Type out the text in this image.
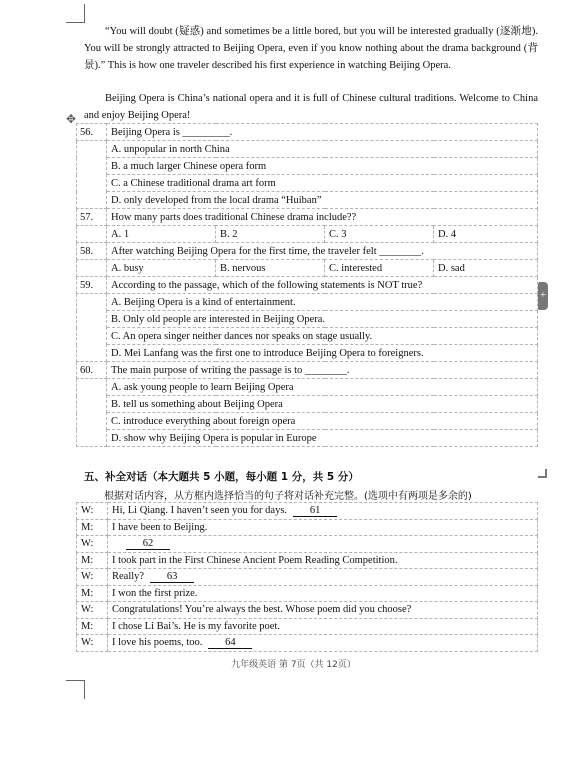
“You will doubt (疑惑) and sometimes be a little bored, but you will be interested gradually (逐渐地). You will be strongly attracted to Beijing Opera, even if you know nothing about the drama background (背景).” This is how one traveler described his first experience in watching Beijing Opera.

Beijing Opera is China’s national opera and it is full of Chinese cultural traditions. Welcome to China and enjoy Beijing Opera!

✥
+
56.	Beijing Opera is _________.			
	A. unpopular in north China			
	B. a much larger Chinese opera form			
	C. a Chinese traditional drama art form			
	D. only developed from the local drama “Huiban”			
57.	How many parts does traditional Chinese drama include??			
	A. 1	B. 2	C. 3	D. 4
58.	After watching Beijing Opera for the first time, the traveler felt ________.			
	A. busy	B. nervous	C. interested	D. sad
59.	According to the passage, which of the following statements is NOT true?			
	A. Beijing Opera is a kind of entertainment.			
	B. Only old people are interested in Beijing Opera.			
	C. An opera singer neither dances nor speaks on stage usually.			
	D. Mei Lanfang was the first one to introduce Beijing Opera to foreigners.			
60.	The main purpose of writing the passage is to ________.			
	A. ask young people to learn Beijing Opera			
	B. tell us something about Beijing Opera			
	C. introduce everything about foreign opera			
	D. show why Beijing Opera is popular in Europe			
五、补全对话（本大题共 5 小题，每小题 1 分，共 5 分）
根据对话内容，从方框内选择恰当的句子将对话补充完整。(选项中有两项是多余的)
W:	Hi, Li Qiang. I haven’t seen you for days. 61
M:	I have been to Beijing.
W:	62
M:	I took part in the First Chinese Ancient Poem Reading Competition.
W:	Really? 63
M:	I won the first prize.
W:	Congratulations! You’re always the best. Whose poem did you choose?
M:	I chose Li Bai’s. He is my favorite poet.
W:	I love his poems, too. 64
九年级英语 第 7页（共 12页）
